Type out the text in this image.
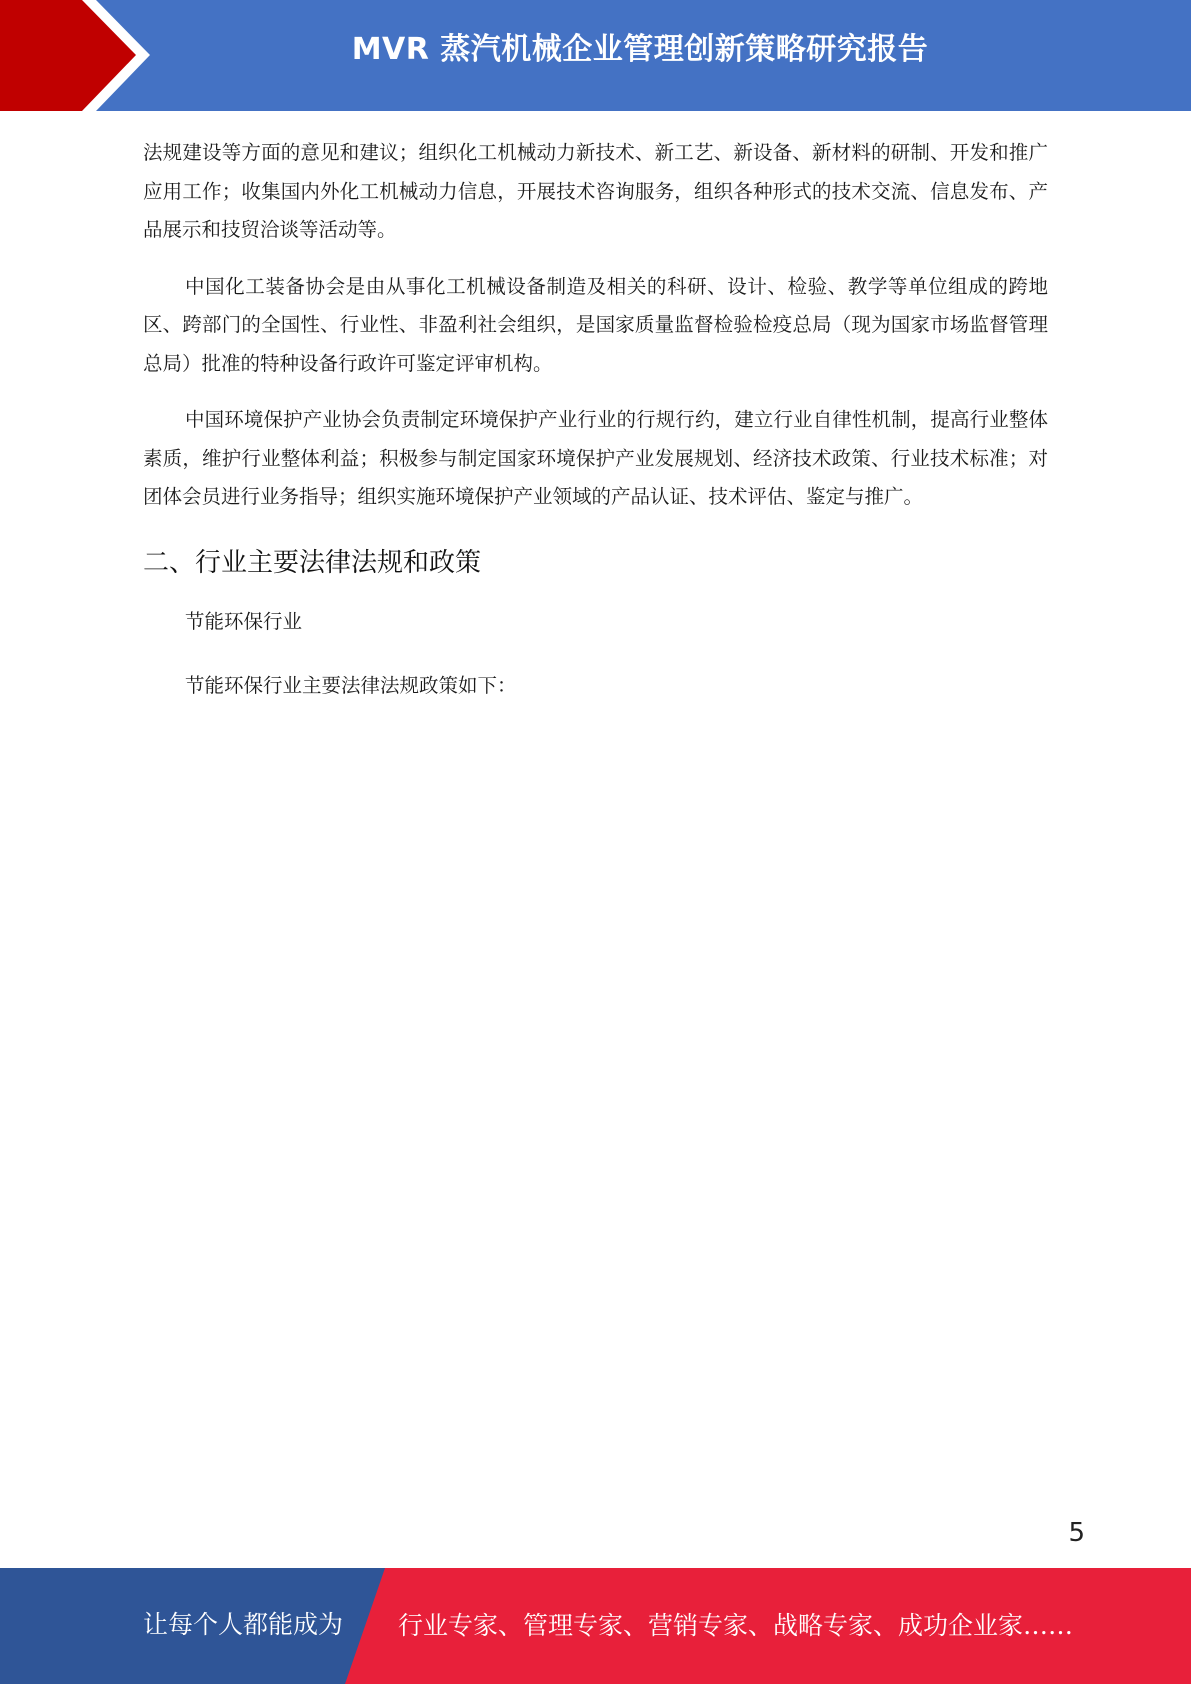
MVR 蒸汽机械企业管理创新策略研究报告

法规建设等方面的意见和建议；组织化工机械动力新技术、新工艺、新设备、新材料的研制、开发和推广应用工作；收集国内外化工机械动力信息，开展技术咨询服务，组织各种形式的技术交流、信息发布、产品展示和技贸洽谈等活动等。

中国化工装备协会是由从事化工机械设备制造及相关的科研、设计、检验、教学等单位组成的跨地区、跨部门的全国性、行业性、非盈利社会组织，是国家质量监督检验检疫总局（现为国家市场监督管理总局）批准的特种设备行政许可鉴定评审机构。

中国环境保护产业协会负责制定环境保护产业行业的行规行约，建立行业自律性机制，提高行业整体素质，维护行业整体利益；积极参与制定国家环境保护产业发展规划、经济技术政策、行业技术标准；对团体会员进行业务指导；组织实施环境保护产业领域的产品认证、技术评估、鉴定与推广。

二、行业主要法律法规和政策

节能环保行业

节能环保行业主要法律法规政策如下：

5
让每个人都能成为 行业专家、管理专家、营销专家、战略专家、成功企业家……
